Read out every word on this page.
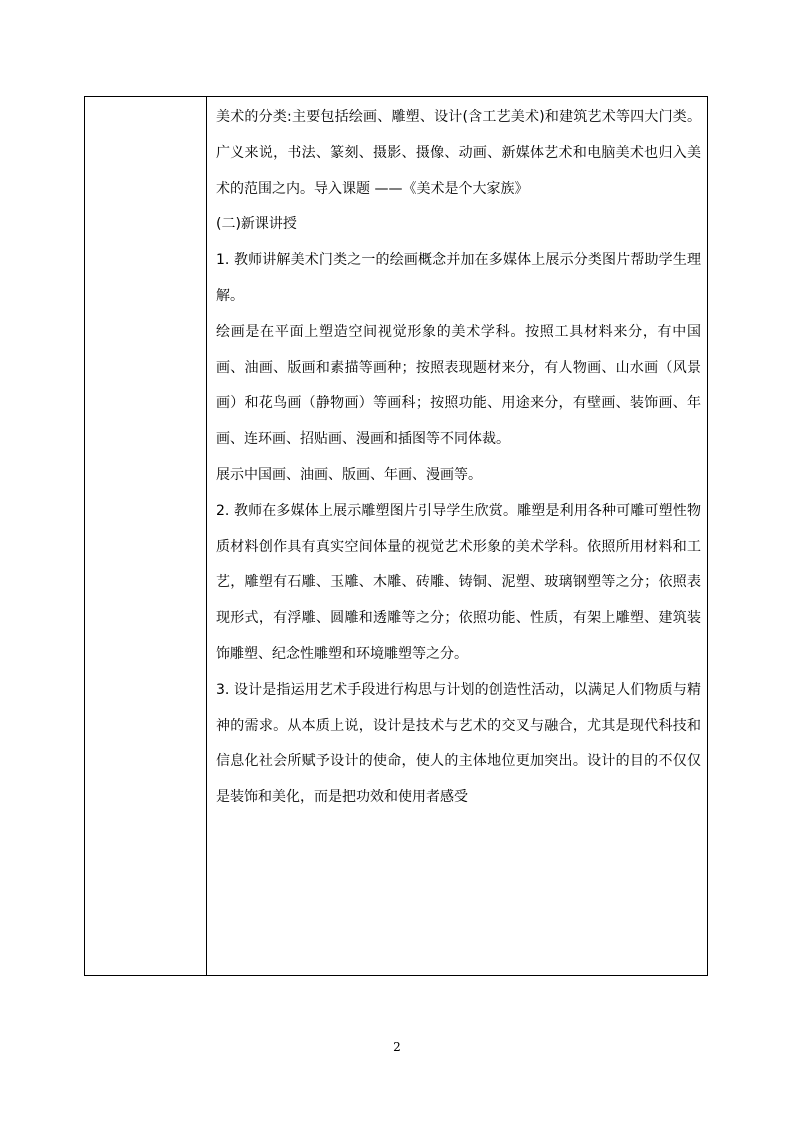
美术的分类:主要包括绘画、雕塑、设计(含工艺美术)和建筑艺术等四大门类。广义来说，书法、篆刻、摄影、摄像、动画、新媒体艺术和电脑美术也归入美术的范围之内。导入课题 ——《美术是个大家族》

(二)新课讲授

1. 教师讲解美术门类之一的绘画概念并加在多媒体上展示分类图片帮助学生理解。

绘画是在平面上塑造空间视觉形象的美术学科。按照工具材料来分，有中国画、油画、版画和素描等画种；按照表现题材来分，有人物画、山水画（风景画）和花鸟画（静物画）等画科；按照功能、用途来分，有壁画、装饰画、年画、连环画、招贴画、漫画和插图等不同体裁。

展示中国画、油画、版画、年画、漫画等。

2. 教师在多媒体上展示雕塑图片引导学生欣赏。雕塑是利用各种可雕可塑性物质材料创作具有真实空间体量的视觉艺术形象的美术学科。依照所用材料和工艺，雕塑有石雕、玉雕、木雕、砖雕、铸铜、泥塑、玻璃钢塑等之分；依照表现形式，有浮雕、圆雕和透雕等之分；依照功能、性质，有架上雕塑、建筑装饰雕塑、纪念性雕塑和环境雕塑等之分。

3. 设计是指运用艺术手段进行构思与计划的创造性活动，以满足人们物质与精神的需求。从本质上说，设计是技术与艺术的交叉与融合，尤其是现代科技和信息化社会所赋予设计的使命，使人的主体地位更加突出。设计的目的不仅仅是装饰和美化，而是把功效和使用者感受

2
